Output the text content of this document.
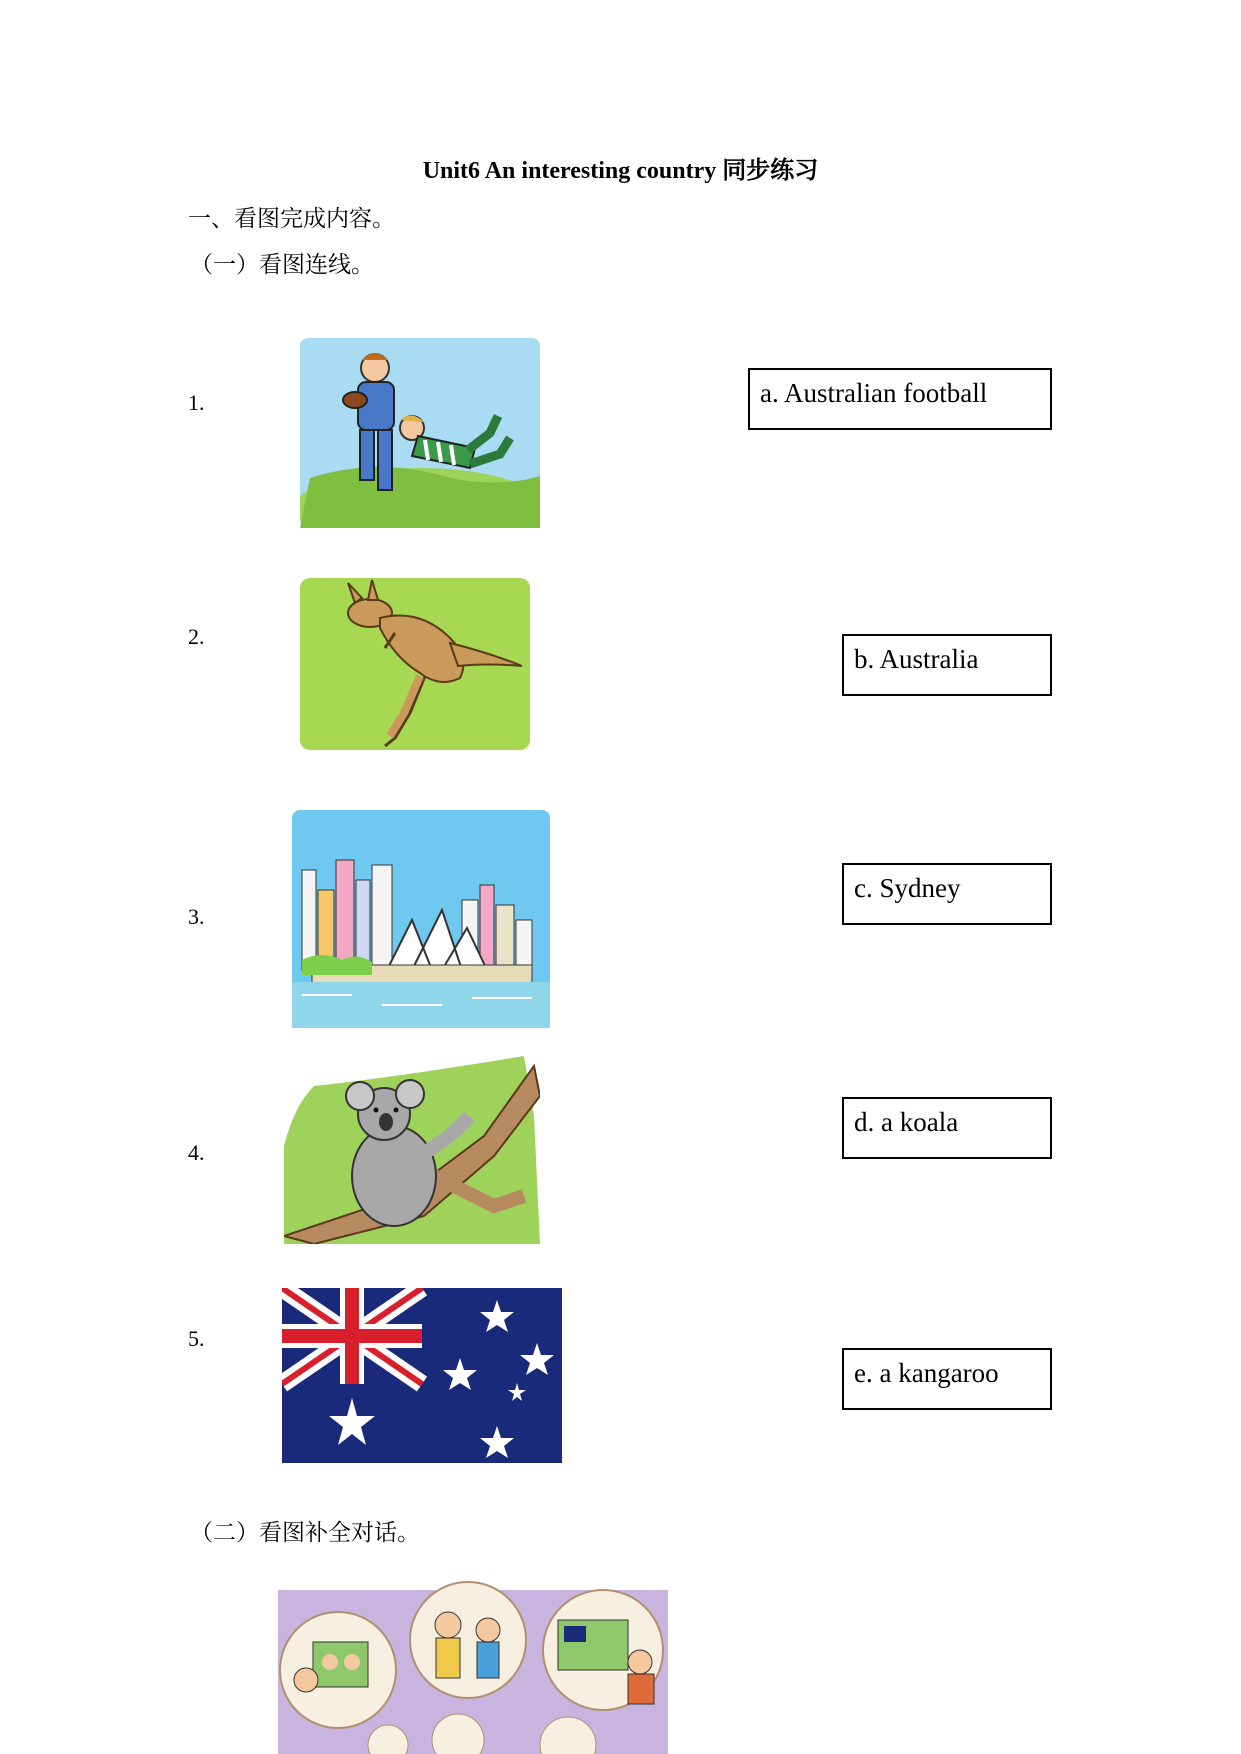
Unit6 An interesting country 同步练习
一、看图完成内容。
（一）看图连线。
1.
2.
3.
4.
5.
a. Australian football
b. Australia
c. Sydney
d. a koala
e. a kangaroo
（二）看图补全对话。
